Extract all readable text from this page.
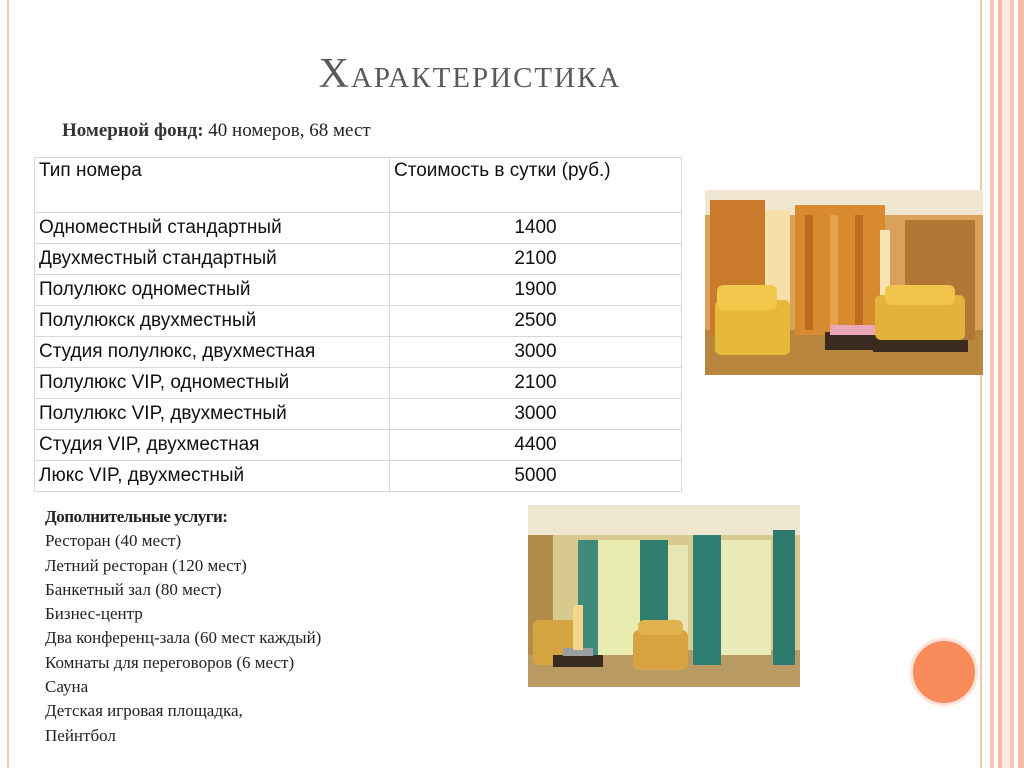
Характеристика
Номерной фонд: 40 номеров, 68 мест
Тип номера	Стоимость в сутки (руб.)
Одноместный стандартный	1400
Двухместный стандартный	2100
Полулюкс одноместный	1900
Полулюкск двухместный	2500
Студия полулюкс, двухместная	3000
Полулюкс VIP, одноместный	2100
Полулюкс VIP, двухместный	3000
Студия VIP, двухместная	4400
Люкс VIP, двухместный	5000
Дополнительные услуги:
Ресторан (40 мест)
Летний ресторан (120 мест)
Банкетный зал (80 мест)
Бизнес-центр
Два конференц-зала (60 мест каждый)
Комнаты для переговоров (6 мест)
Сауна
Детская игровая площадка,
Пейнтбол
